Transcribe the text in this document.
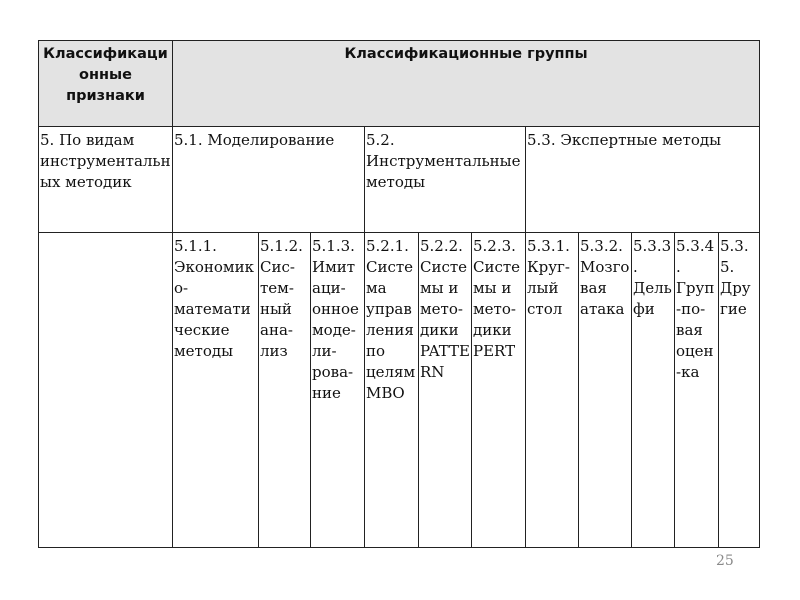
Классификационные признаки	Классификационные группы										
5. По видам инструментальных методик	5.1. Моделирование			5.2. Инструментальные методы			5.3. Экспертные методы				
	5.1.1. Экономико-математические методы	5.1.2. Сис-тем-ный ана-лиз	5.1.3. Имит аци-онное моде-ли-рова-ние	5.2.1. Система управления по целям МВО	5.2.2. Системы и мето-дики PATTERN	5.2.3. Системы и мето-дики PERT	5.3.1. Круг-лый стол	5.3.2. Мозговая атака	5.3.3. Дельфи	5.3.4. Груп-по-вая оцен-ка	5.3.5. Другие
25
